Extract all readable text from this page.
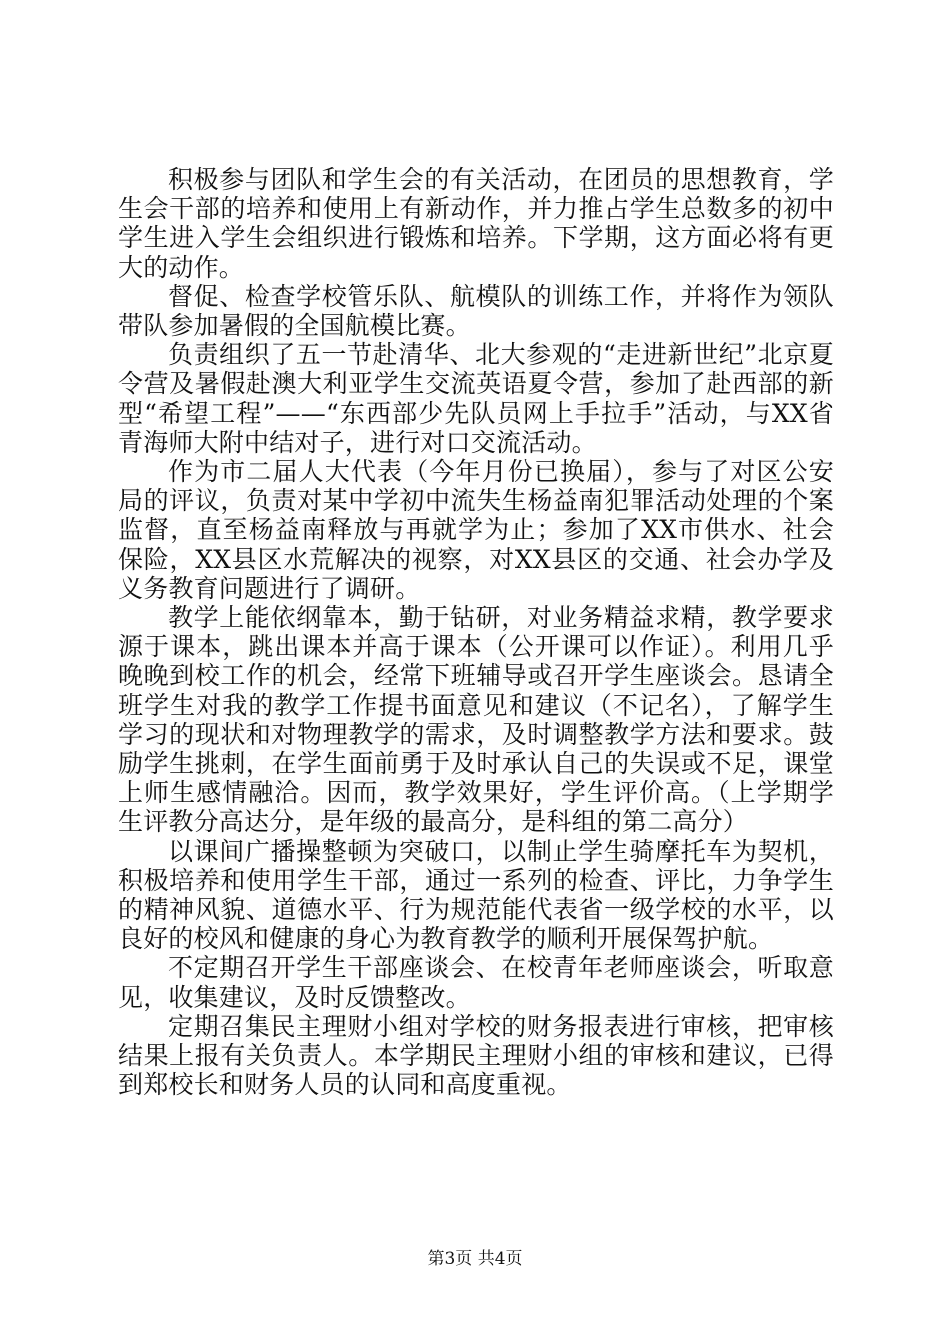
积极参与团队和学生会的有关活动，在团员的思想教育，学生会干部的培养和使用上有新动作，并力推占学生总数多的初中学生进入学生会组织进行锻炼和培养。下学期，这方面必将有更大的动作。

督促、检查学校管乐队、航模队的训练工作，并将作为领队带队参加暑假的全国航模比赛。

负责组织了五一节赴清华、北大参观的“走进新世纪”北京夏令营及暑假赴澳大利亚学生交流英语夏令营，参加了赴西部的新型“希望工程”——“东西部少先队员网上手拉手”活动，与XX省青海师大附中结对子，进行对口交流活动。

作为市二届人大代表（今年月份已换届），参与了对区公安局的评议，负责对某中学初中流失生杨益南犯罪活动处理的个案监督，直至杨益南释放与再就学为止；参加了XX市供水、社会保险，XX县区水荒解决的视察，对XX县区的交通、社会办学及义务教育问题进行了调研。

教学上能依纲靠本，勤于钻研，对业务精益求精，教学要求源于课本，跳出课本并高于课本（公开课可以作证）。利用几乎晚晚到校工作的机会，经常下班辅导或召开学生座谈会。恳请全班学生对我的教学工作提书面意见和建议（不记名），了解学生学习的现状和对物理教学的需求，及时调整教学方法和要求。鼓励学生挑刺，在学生面前勇于及时承认自己的失误或不足，课堂上师生感情融洽。因而，教学效果好，学生评价高。（上学期学生评教分高达分，是年级的最高分，是科组的第二高分）

以课间广播操整顿为突破口，以制止学生骑摩托车为契机，积极培养和使用学生干部，通过一系列的检查、评比，力争学生的精神风貌、道德水平、行为规范能代表省一级学校的水平，以良好的校风和健康的身心为教育教学的顺利开展保驾护航。

不定期召开学生干部座谈会、在校青年老师座谈会，听取意见，收集建议，及时反馈整改。

定期召集民主理财小组对学校的财务报表进行审核，把审核结果上报有关负责人。本学期民主理财小组的审核和建议，已得到郑校长和财务人员的认同和高度重视。

第3页 共4页
